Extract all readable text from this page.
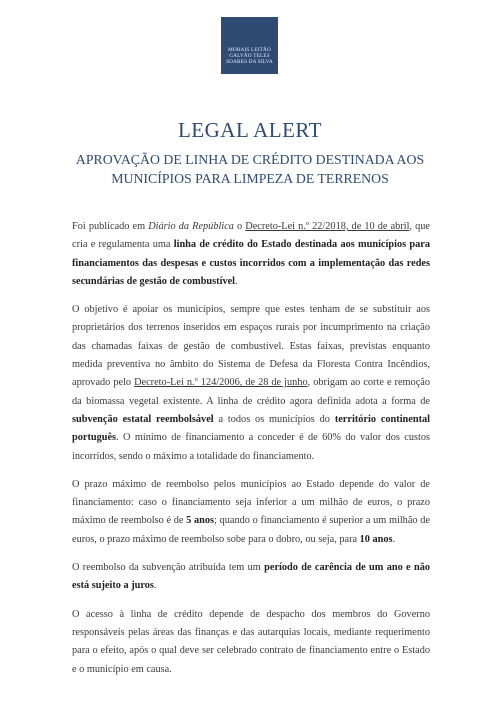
MORAIS LEITÃO
GALVÃO TELES
SOARES DA SILVA
LEGAL ALERT
APROVAÇÃO DE LINHA DE CRÉDITO DESTINADA AOS
MUNICÍPIOS PARA LIMPEZA DE TERRENOS

Foi publicado em Diário da República o Decreto-Lei n.º 22/2018, de 10 de abril, que cria e regulamenta uma linha de crédito do Estado destinada aos municípios para financiamentos das despesas e custos incorridos com a implementação das redes secundárias de gestão de combustível.

O objetivo é apoiar os municípios, sempre que estes tenham de se substituir aos proprietários dos terrenos inseridos em espaços rurais por incumprimento na criação das chamadas faixas de gestão de combustível. Estas faixas, previstas enquanto medida preventiva no âmbito do Sistema de Defesa da Floresta Contra Incêndios, aprovado pelo Decreto-Lei n.º 124/2006, de 28 de junho, obrigam ao corte e remoção da biomassa vegetal existente. A linha de crédito agora definida adota a forma de subvenção estatal reembolsável a todos os municípios do território continental português. O mínimo de financiamento a conceder é de 60% do valor dos custos incorridos, sendo o máximo a totalidade do financiamento.

O prazo máximo de reembolso pelos municípios ao Estado depende do valor de financiamento: caso o financiamento seja inferior a um milhão de euros, o prazo máximo de reembolso é de 5 anos; quando o financiamento é superior a um milhão de euros, o prazo máximo de reembolso sobe para o dobro, ou seja, para 10 anos.

O reembolso da subvenção atribuída tem um período de carência de um ano e não está sujeito a juros.

O acesso à linha de crédito depende de despacho dos membros do Governo responsáveis pelas áreas das finanças e das autarquias locais, mediante requerimento para o efeito, após o qual deve ser celebrado contrato de financiamento entre o Estado e o município em causa.
